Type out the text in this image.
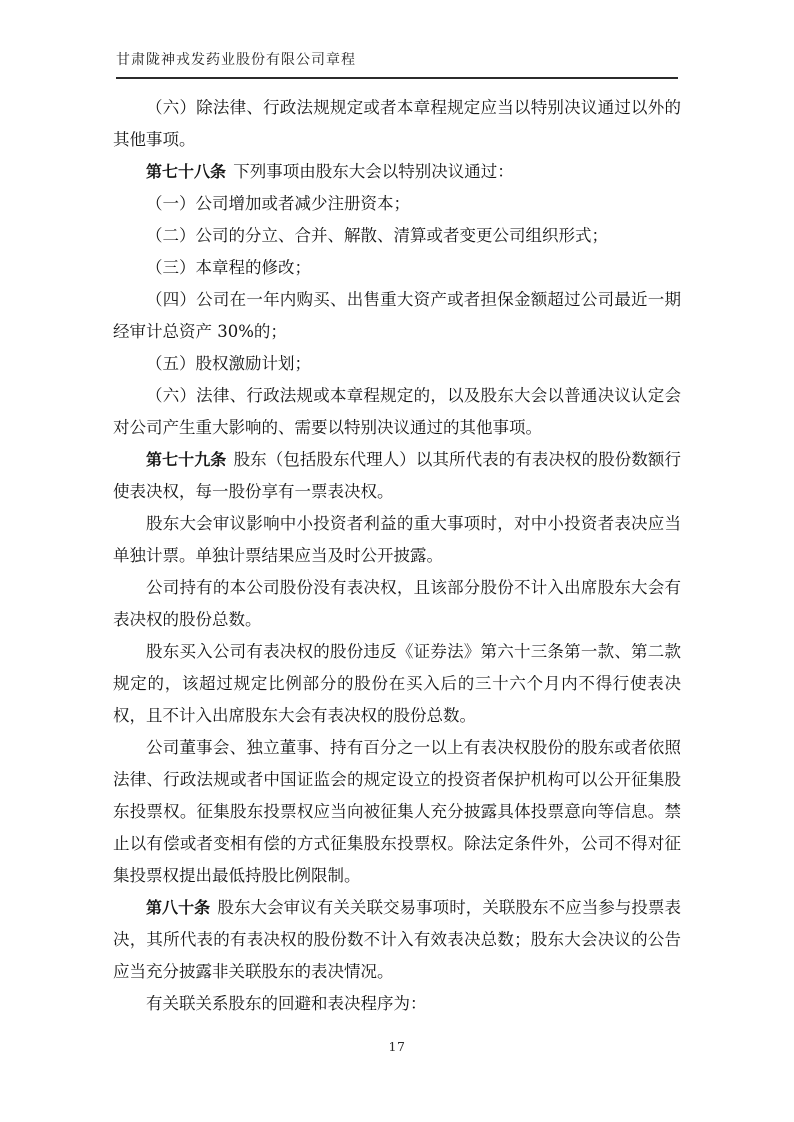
甘肃陇神戎发药业股份有限公司章程

（六）除法律、行政法规规定或者本章程规定应当以特别决议通过以外的其他事项。

第七十八条 下列事项由股东大会以特别决议通过：

（一）公司增加或者减少注册资本；

（二）公司的分立、合并、解散、清算或者变更公司组织形式；

（三）本章程的修改；

（四）公司在一年内购买、出售重大资产或者担保金额超过公司最近一期经审计总资产 30%的；

（五）股权激励计划；

（六）法律、行政法规或本章程规定的，以及股东大会以普通决议认定会对公司产生重大影响的、需要以特别决议通过的其他事项。

第七十九条 股东（包括股东代理人）以其所代表的有表决权的股份数额行使表决权，每一股份享有一票表决权。

股东大会审议影响中小投资者利益的重大事项时，对中小投资者表决应当单独计票。单独计票结果应当及时公开披露。

公司持有的本公司股份没有表决权，且该部分股份不计入出席股东大会有表决权的股份总数。

股东买入公司有表决权的股份违反《证券法》第六十三条第一款、第二款规定的，该超过规定比例部分的股份在买入后的三十六个月内不得行使表决权，且不计入出席股东大会有表决权的股份总数。

公司董事会、独立董事、持有百分之一以上有表决权股份的股东或者依照法律、行政法规或者中国证监会的规定设立的投资者保护机构可以公开征集股东投票权。征集股东投票权应当向被征集人充分披露具体投票意向等信息。禁止以有偿或者变相有偿的方式征集股东投票权。除法定条件外，公司不得对征集投票权提出最低持股比例限制。

第八十条 股东大会审议有关关联交易事项时，关联股东不应当参与投票表决，其所代表的有表决权的股份数不计入有效表决总数；股东大会决议的公告应当充分披露非关联股东的表决情况。

有关联关系股东的回避和表决程序为：

17
